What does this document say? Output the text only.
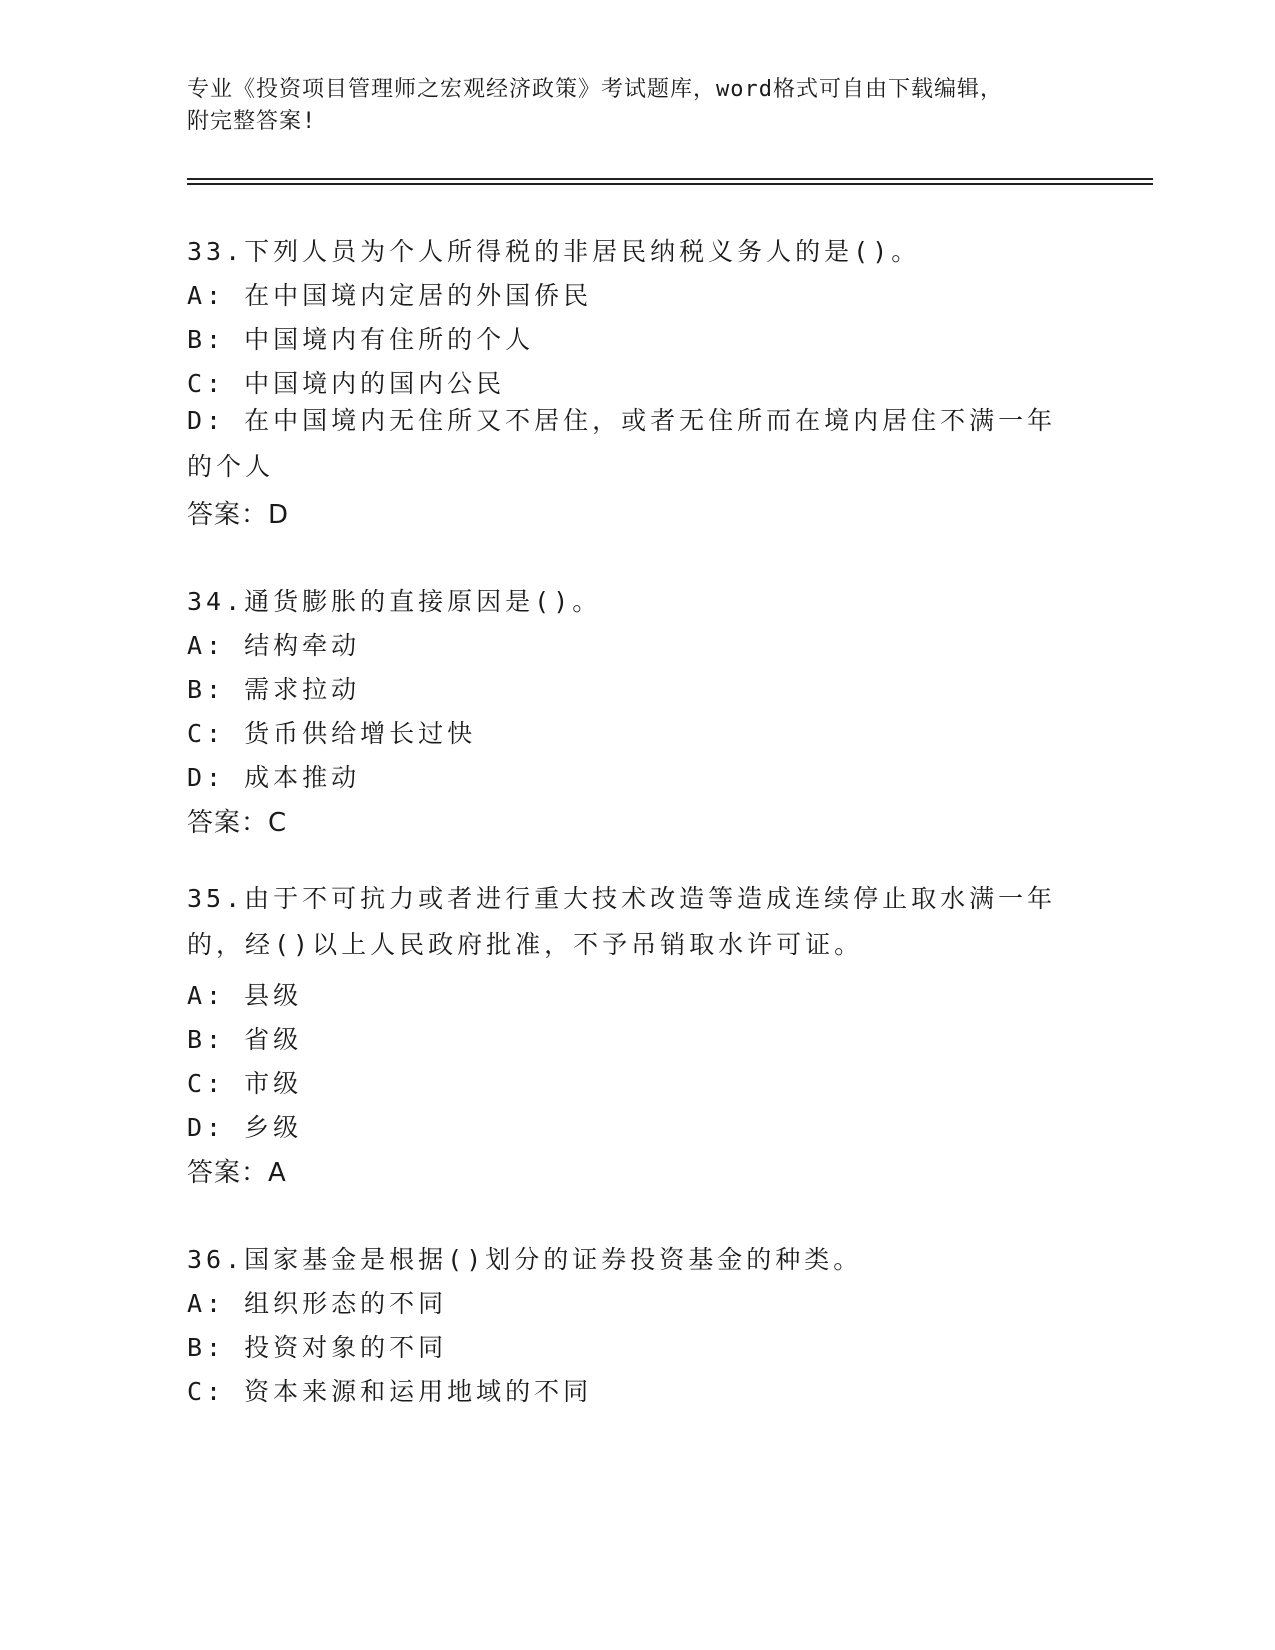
专业《投资项目管理师之宏观经济政策》考试题库，word格式可自由下载编辑，
附完整答案!
33.下列人员为个人所得税的非居民纳税义务人的是()。
A: 在中国境内定居的外国侨民
B: 中国境内有住所的个人
C: 中国境内的国内公民
D: 在中国境内无住所又不居住，或者无住所而在境内居住不满一年的个人
答案：D
34.通货膨胀的直接原因是()。
A: 结构牵动
B: 需求拉动
C: 货币供给增长过快
D: 成本推动
答案：C
35.由于不可抗力或者进行重大技术改造等造成连续停止取水满一年的，经()以上人民政府批准，不予吊销取水许可证。
A: 县级
B: 省级
C: 市级
D: 乡级
答案：A
36.国家基金是根据()划分的证券投资基金的种类。
A: 组织形态的不同
B: 投资对象的不同
C: 资本来源和运用地域的不同
